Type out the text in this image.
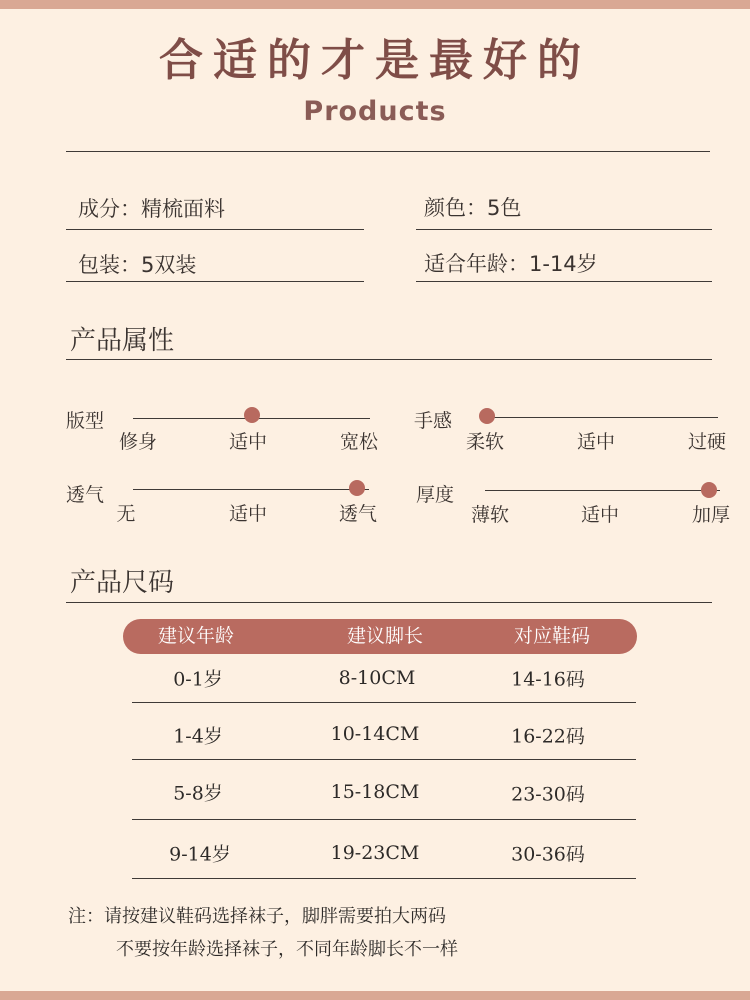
合适的才是最好的
Products
成分：精梳面料	颜色：5色
包装：5双装	适合年龄：1-14岁
产品属性
版型
修身	适中	宽松
手感
柔软	适中	过硬
透气
无	适中	透气
厚度
薄软	适中	加厚
产品尺码
建议年龄	建议脚长	对应鞋码
0-1岁	8-10CM	14-16码
1-4岁	10-14CM	16-22码
5-8岁	15-18CM	23-30码
9-14岁	19-23CM	30-36码
注：请按建议鞋码选择袜子，脚胖需要拍大两码
不要按年龄选择袜子，不同年龄脚长不一样
